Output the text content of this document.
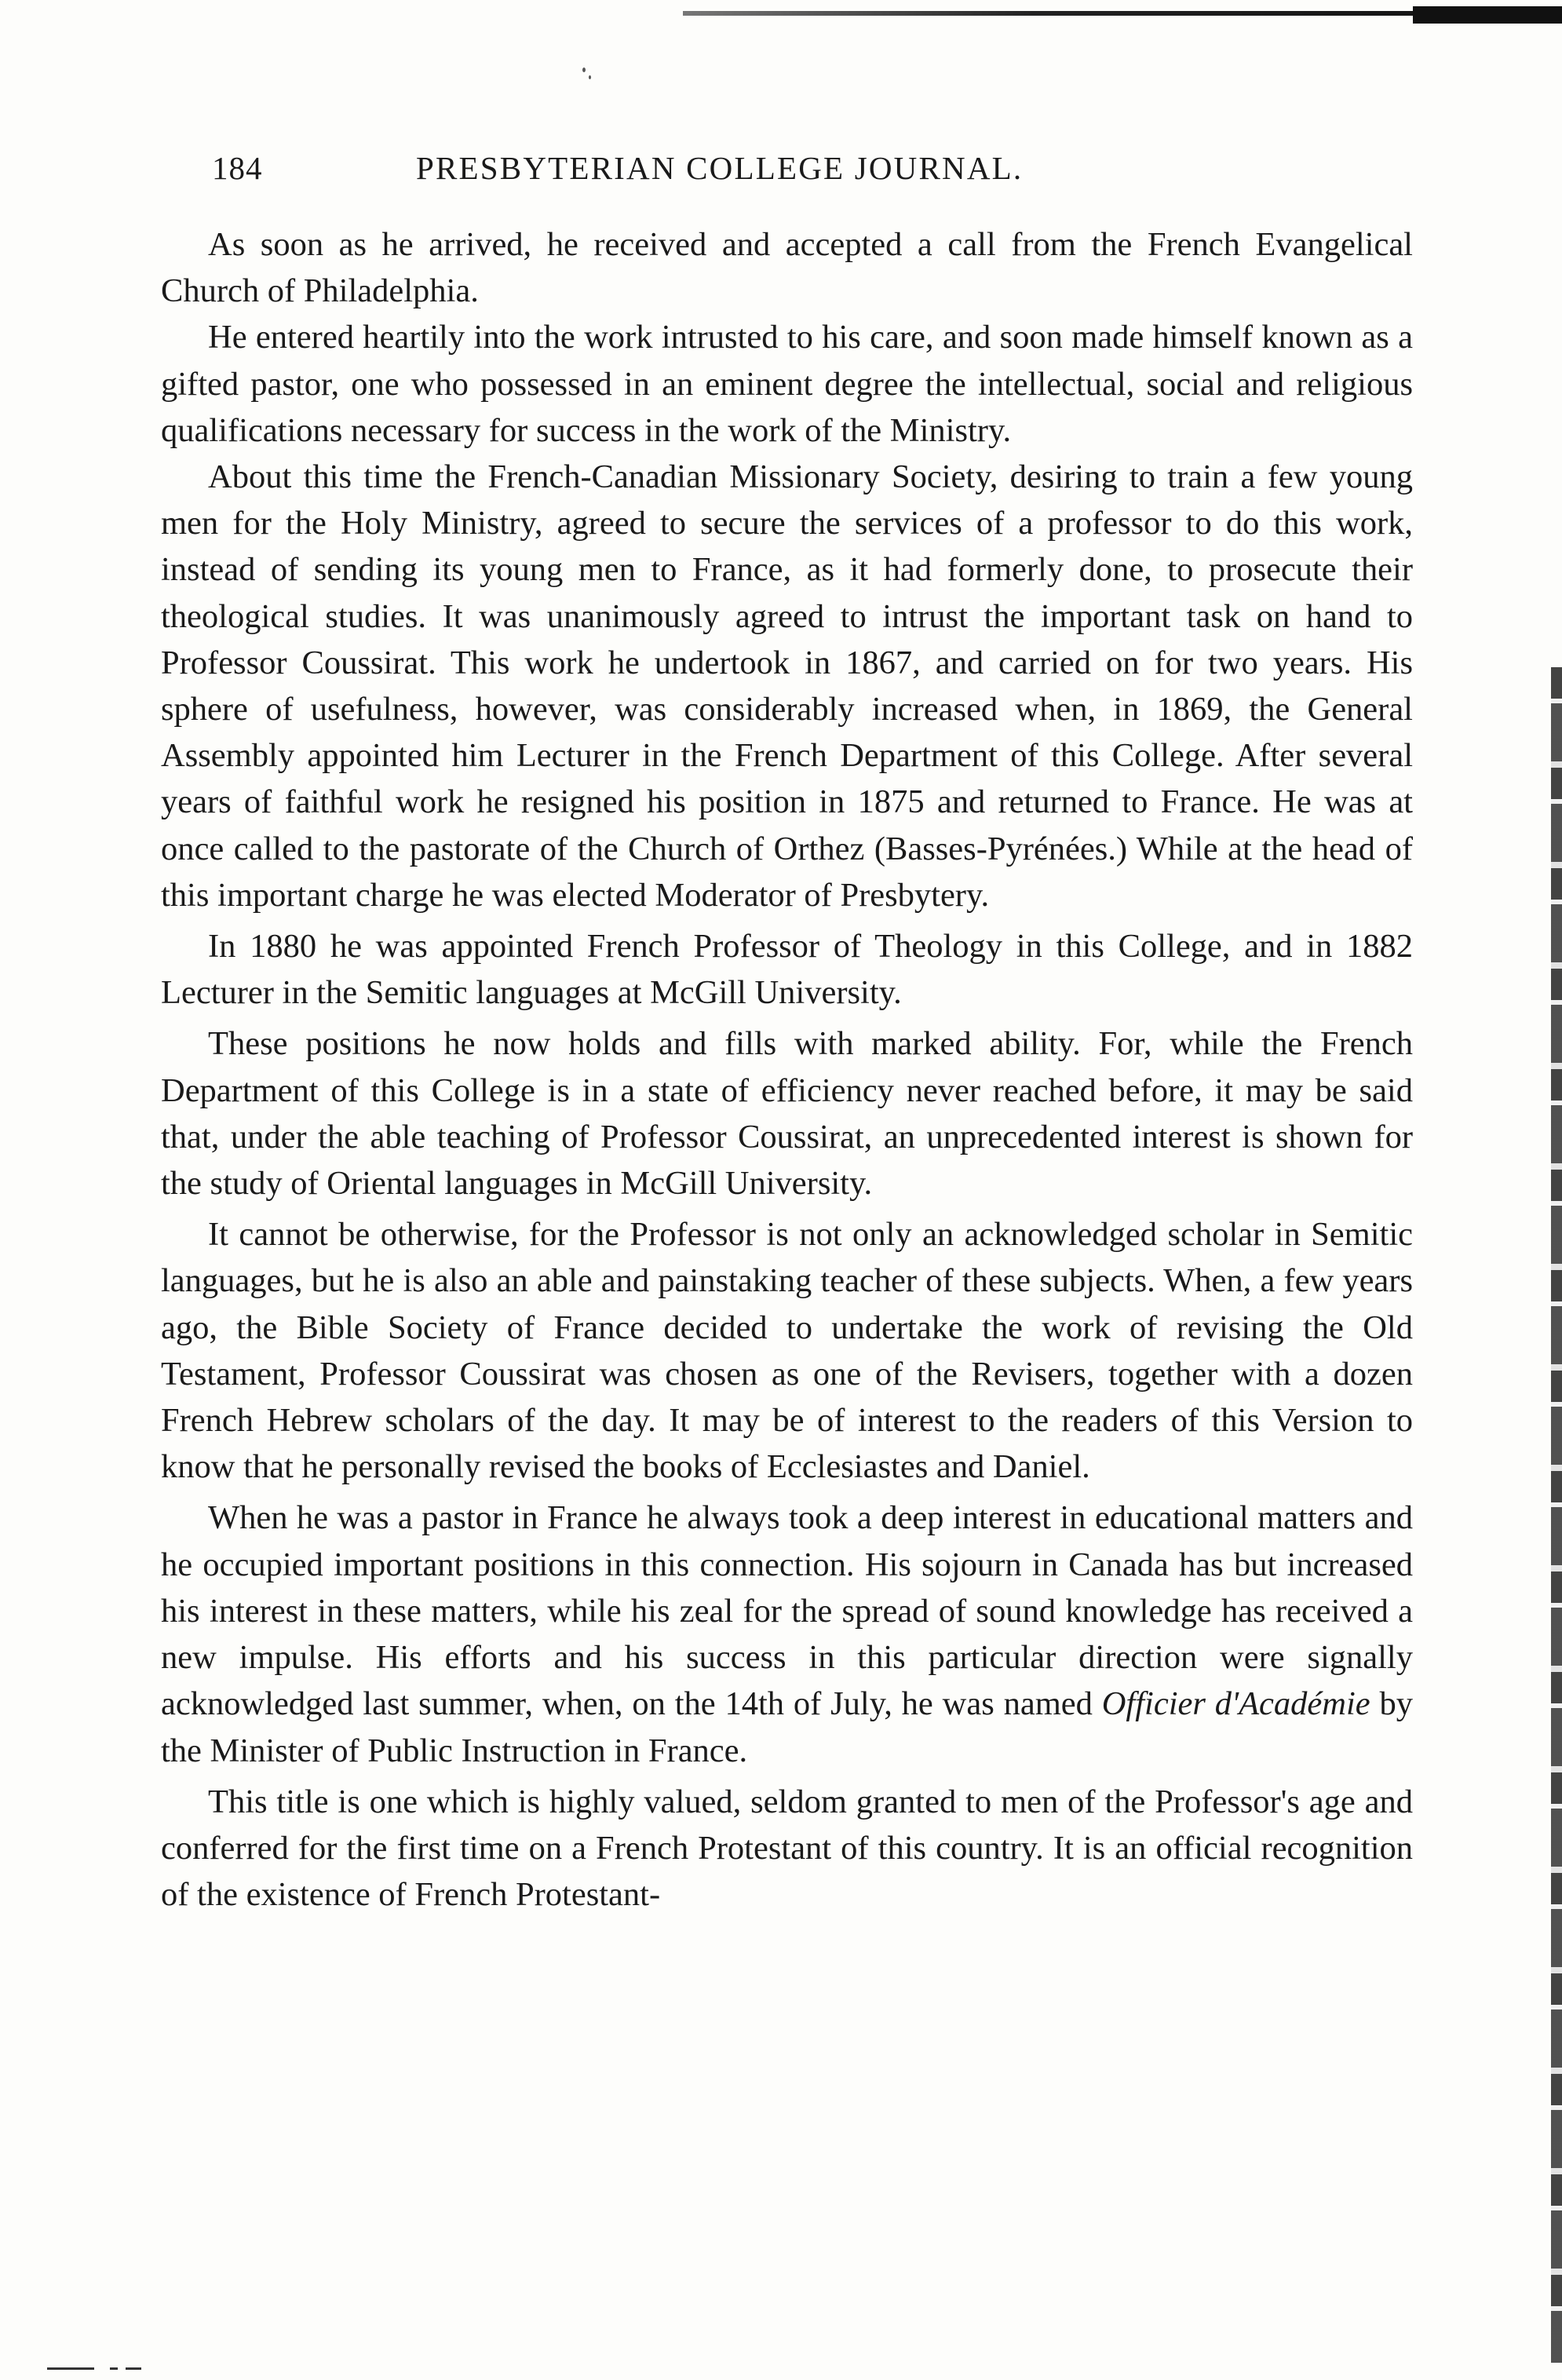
184	PRESBYTERIAN COLLEGE JOURNAL.

As soon as he arrived, he received and accepted a call from the French Evangelical Church of Philadelphia.

He entered heartily into the work intrusted to his care, and soon made himself known as a gifted pastor, one who possessed in an eminent degree the intellectual, social and religious qualifications necessary for success in the work of the Ministry.

About this time the French-Canadian Missionary Society, desiring to train a few young men for the Holy Ministry, agreed to secure the services of a professor to do this work, instead of sending its young men to France, as it had formerly done, to prosecute their theological studies. It was unanimously agreed to intrust the important task on hand to Professor Coussirat. This work he undertook in 1867, and carried on for two years. His sphere of usefulness, however, was considerably increased when, in 1869, the General Assembly appointed him Lecturer in the French Department of this College. After several years of faithful work he resigned his position in 1875 and returned to France. He was at once called to the pastorate of the Church of Orthez (Basses-Pyrénées.) While at the head of this important charge he was elected Moderator of Presbytery.

In 1880 he was appointed French Professor of Theology in this College, and in 1882 Lecturer in the Semitic languages at McGill University.

These positions he now holds and fills with marked ability. For, while the French Department of this College is in a state of efficiency never reached before, it may be said that, under the able teaching of Professor Coussirat, an unprecedented interest is shown for the study of Oriental languages in McGill University.

It cannot be otherwise, for the Professor is not only an acknowledged scholar in Semitic languages, but he is also an able and painstaking teacher of these subjects. When, a few years ago, the Bible Society of France decided to undertake the work of revising the Old Testament, Professor Coussirat was chosen as one of the Revisers, together with a dozen French Hebrew scholars of the day. It may be of interest to the readers of this Version to know that he personally revised the books of Ecclesiastes and Daniel.

When he was a pastor in France he always took a deep interest in educational matters and he occupied important positions in this connection. His sojourn in Canada has but increased his interest in these matters, while his zeal for the spread of sound knowledge has received a new impulse. His efforts and his success in this particular direction were signally acknowledged last summer, when, on the 14th of July, he was named Officier d'Académie by the Minister of Public Instruction in France.

This title is one which is highly valued, seldom granted to men of the Professor's age and conferred for the first time on a French Protestant of this country. It is an official recognition of the existence of French Protestant-
